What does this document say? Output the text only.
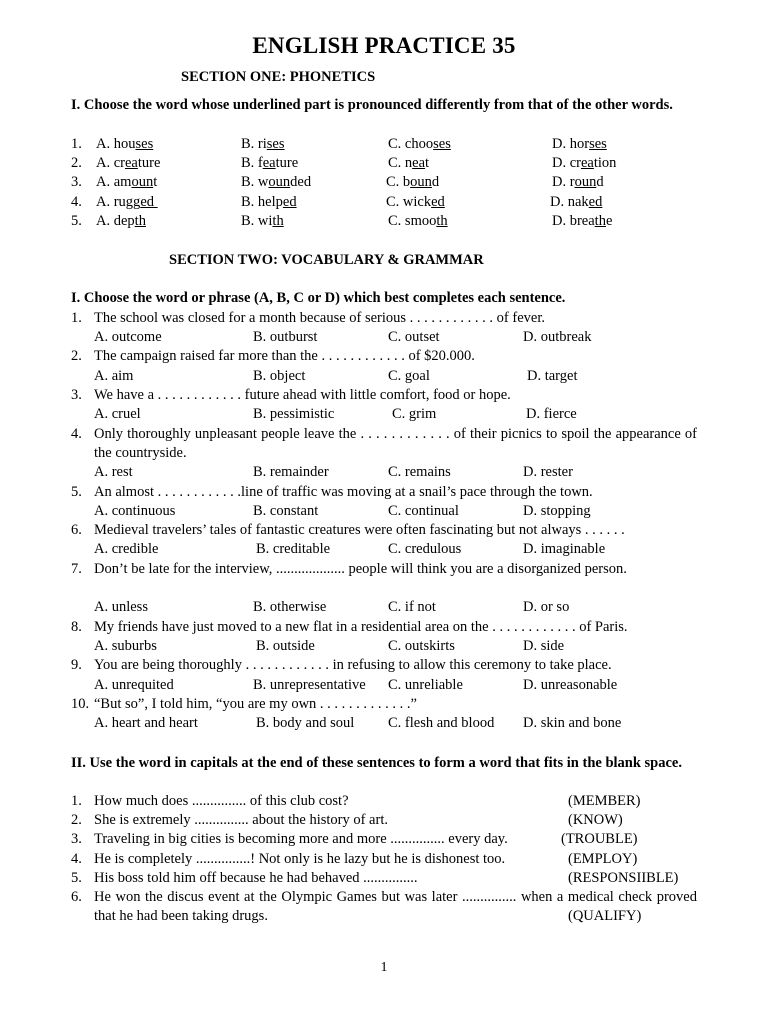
ENGLISH PRACTICE 35
SECTION ONE: PHONETICS
I. Choose the word whose underlined part is pronounced differently from that of the other words.
1. A. houses	B. rises	C. chooses	D. horses
2. A. creature	B. feature	C. neat	D. creation
3. A. amount	B. wounded	C. bound	D. round
4. A. rugged	B. helped	C. wicked	D. naked
5. A. depth	B. with	C. smooth	D. breathe
SECTION TWO: VOCABULARY & GRAMMAR
I. Choose the word or phrase (A, B, C or D) which best completes each sentence.
1. The school was closed for a month because of serious . . . . . . . . . . . . of fever.
A. outcome	B. outburst	C. outset	D. outbreak
2. The campaign raised far more than the . . . . . . . . . . . . of $20.000.
A. aim	B. object	C. goal	D. target
3. We have a . . . . . . . . . . . . future ahead with little comfort, food or hope.
A. cruel	B. pessimistic	C. grim	D. fierce
4. Only thoroughly unpleasant people leave the . . . . . . . . . . . . of their picnics to spoil the appearance of the countryside.
A. rest	B. remainder	C. remains	D. rester
5. An almost . . . . . . . . . . . .line of traffic was moving at a snail’s pace through the town.
A. continuous	B. constant	C. continual	D. stopping
6. Medieval travelers’ tales of fantastic creatures were often fascinating but not always . . . . . .
A. credible	B. creditable	C. credulous	D. imaginable
7. Don’t be late for the interview, ................... people will think you are a disorganized person.
A. unless	B. otherwise	C. if not	D. or so
8. My friends have just moved to a new flat in a residential area on the . . . . . . . . . . . . of Paris.
A. suburbs	B. outside	C. outskirts	D. side
9. You are being thoroughly . . . . . . . . . . . . in refusing to allow this ceremony to take place.
A. unrequited	B. unrepresentative C. unreliable	D. unreasonable
10. “But so”, I told him, “you are my own . . . . . . . . . . . . .”
A. heart and heart	B. body and soul C. flesh and blood D. skin and bone
II. Use the word in capitals at the end of these sentences to form a word that fits in the blank space.
1. How much does ............... of this club cost?	(MEMBER)
2. She is extremely ............... about the history of art.	(KNOW)
3. Traveling in big cities is becoming more and more ............... every day.	(TROUBLE)
4. He is completely ...............! Not only is he lazy but he is dishonest too.	(EMPLOY)
5. His boss told him off because he had behaved ...............	(RESPONSIIBLE)
6. He won the discus event at the Olympic Games but was later ............... when a medical check proved that he had been taking drugs.	(QUALIFY)
1
